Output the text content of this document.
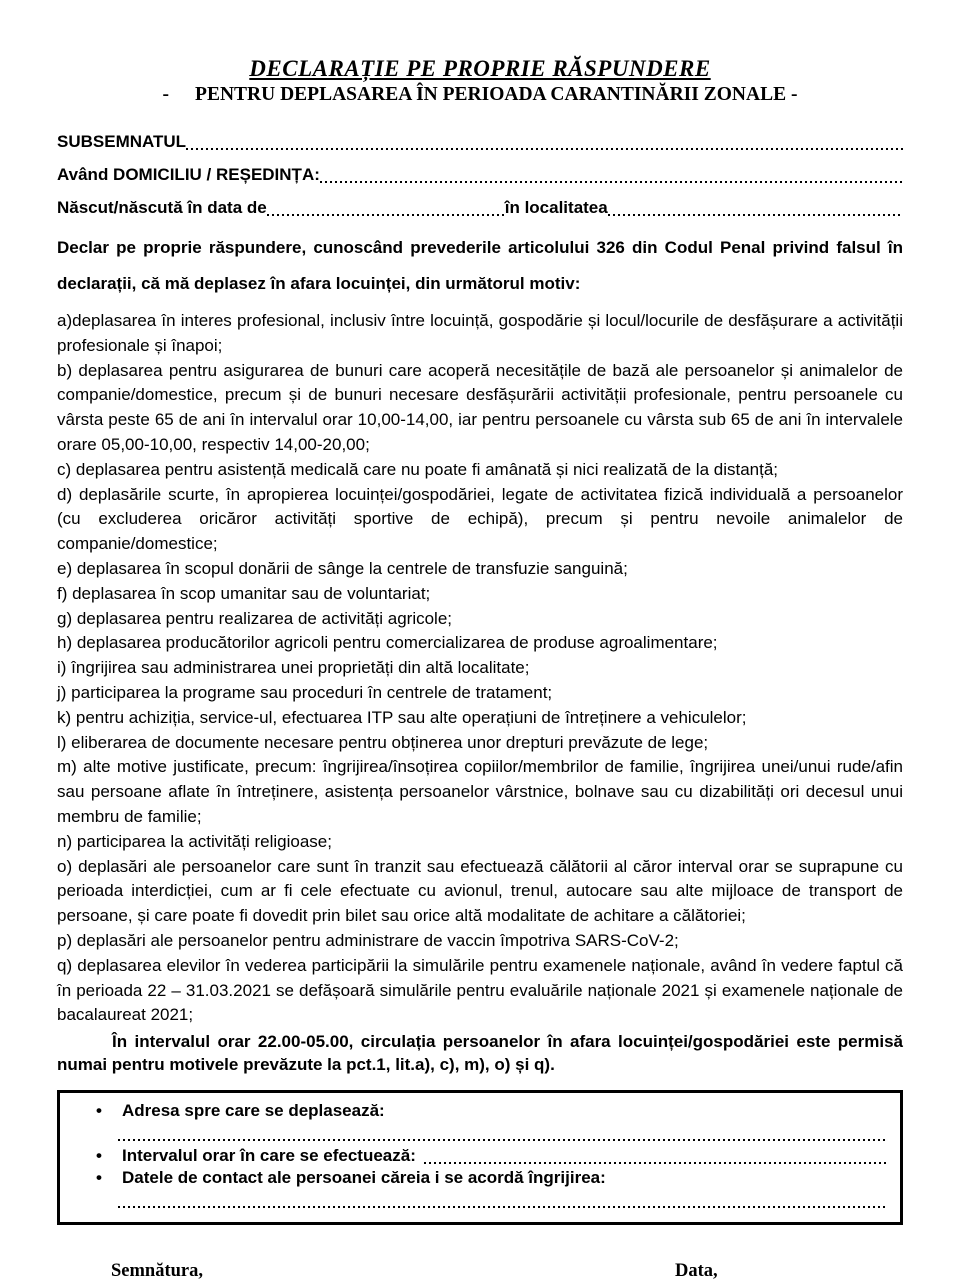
DECLARAȚIE PE PROPRIE RĂSPUNDERE
- PENTRU DEPLASAREA ÎN PERIOADA CARANTINĂRII ZONALE -
SUBSEMNATUL
Având DOMICILIU / REȘEDINȚA:
Născut/născută în data de	în localitatea

Declar pe proprie răspundere, cunoscând prevederile articolului 326 din Codul Penal privind falsul în declarații, că mă deplasez în afara locuinței, din următorul motiv:

a)deplasarea în interes profesional, inclusiv între locuință, gospodărie și locul/locurile de desfășurare a activității profesionale și înapoi;

b) deplasarea pentru asigurarea de bunuri care acoperă necesitățile de bază ale persoanelor și animalelor de companie/domestice, precum și de bunuri necesare desfășurării activității profesionale, pentru persoanele cu vârsta peste 65 de ani în intervalul orar 10,00-14,00, iar pentru persoanele cu vârsta sub 65 de ani în intervalele orare 05,00-10,00, respectiv 14,00-20,00;

c) deplasarea pentru asistență medicală care nu poate fi amânată și nici realizată de la distanță;

d) deplasările scurte, în apropierea locuinței/gospodăriei, legate de activitatea fizică individuală a persoanelor (cu excluderea oricăror activități sportive de echipă), precum și pentru nevoile animalelor de companie/domestice;

e) deplasarea în scopul donării de sânge la centrele de transfuzie sanguină;

f) deplasarea în scop umanitar sau de voluntariat;

g) deplasarea pentru realizarea de activități agricole;

h) deplasarea producătorilor agricoli pentru comercializarea de produse agroalimentare;

i) îngrijirea sau administrarea unei proprietăți din altă localitate;

j) participarea la programe sau proceduri în centrele de tratament;

k) pentru achiziția, service-ul, efectuarea ITP sau alte operațiuni de întreținere a vehiculelor;

l) eliberarea de documente necesare pentru obținerea unor drepturi prevăzute de lege;

m) alte motive justificate, precum: îngrijirea/însoțirea copiilor/membrilor de familie, îngrijirea unei/unui rude/afin sau persoane aflate în întreținere, asistența persoanelor vârstnice, bolnave sau cu dizabilități ori decesul unui membru de familie;

n) participarea la activități religioase;

o) deplasări ale persoanelor care sunt în tranzit sau efectuează călătorii al căror interval orar se suprapune cu perioada interdicției, cum ar fi cele efectuate cu avionul, trenul, autocare sau alte mijloace de transport de persoane, și care poate fi dovedit prin bilet sau orice altă modalitate de achitare a călătoriei;

p) deplasări ale persoanelor pentru administrare de vaccin împotriva SARS-CoV-2;

q) deplasarea elevilor în vederea participării la simulările pentru examenele naționale, având în vedere faptul că în perioada 22 – 31.03.2021 se defășoară simulările pentru evaluările naționale 2021 și examenele naționale de bacalaureat 2021;

În intervalul orar 22.00-05.00, circulația persoanelor în afara locuinței/gospodăriei este permisă numai pentru motivele prevăzute la pct.1, lit.a), c), m), o) și q).

•	Adresa spre care se deplasează:
•	Intervalul orar în care se efectuează:
•	Datele de contact ale persoanei căreia i se acordă îngrijirea:
Semnătura,	Data,
